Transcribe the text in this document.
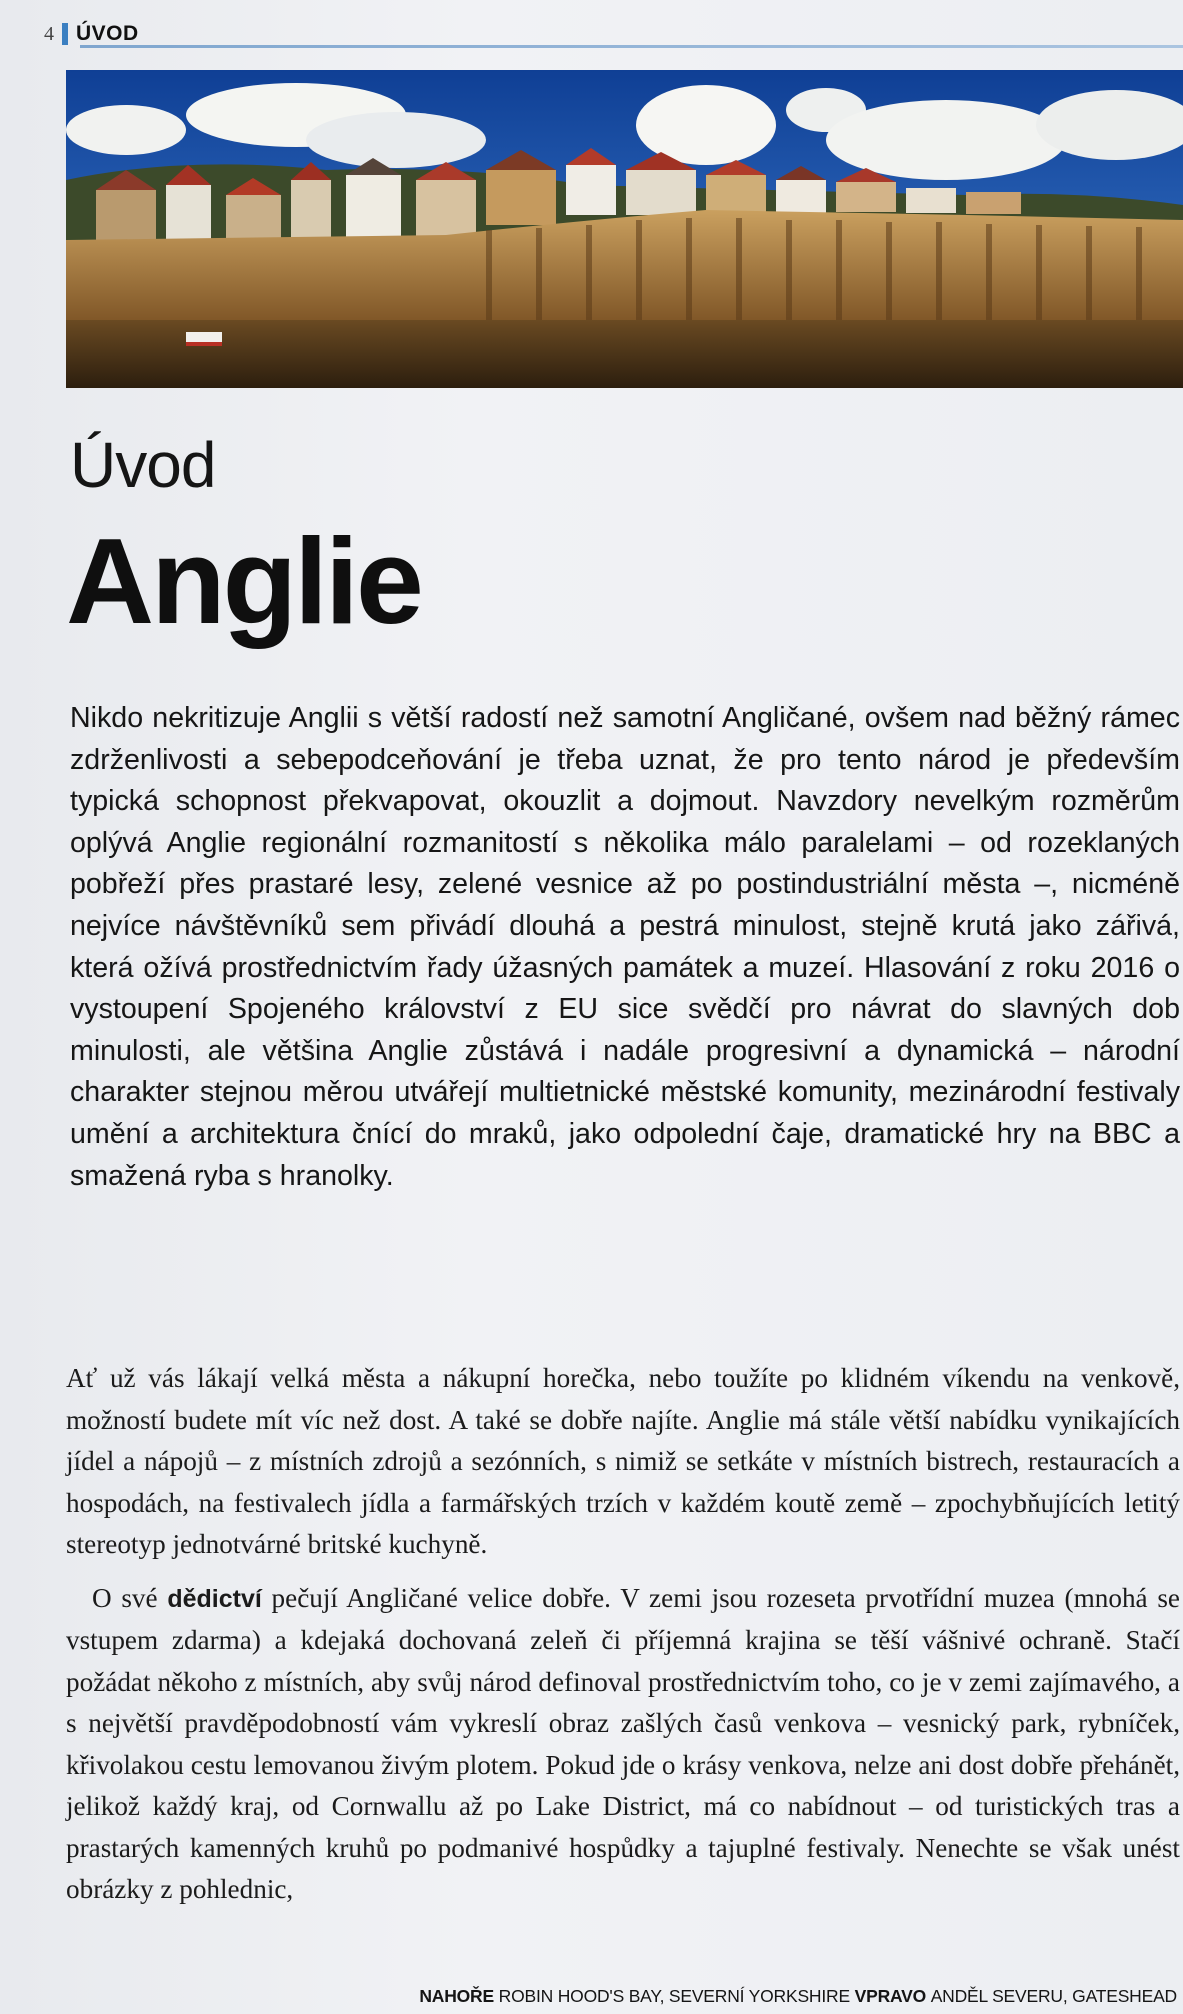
4 ÚVOD
Úvod
Anglie

Nikdo nekritizuje Anglii s větší radostí než samotní Angličané, ovšem nad běžný rámec zdrženlivosti a sebepodceňování je třeba uznat, že pro tento národ je především typická schopnost překvapovat, okouzlit a dojmout. Navzdory nevelkým rozměrům oplývá Anglie regionální rozmanitostí s několika málo paralelami – od rozeklaných pobřeží přes prastaré lesy, zelené vesnice až po postindustriální města –, nicméně nejvíce návštěvníků sem přivádí dlouhá a pestrá minulost, stejně krutá jako zářivá, která ožívá prostřednictvím řady úžasných památek a muzeí. Hlasování z roku 2016 o vystoupení Spojeného království z EU sice svědčí pro návrat do slavných dob minulosti, ale většina Anglie zůstává i nadále progresivní a dynamická – národní charakter stejnou měrou utvářejí multietnické městské komunity, mezinárodní festivaly umění a architektura čnící do mraků, jako odpolední čaje, dramatické hry na BBC a smažená ryba s hranolky.

Ať už vás lákají velká města a nákupní horečka, nebo toužíte po klidném víkendu na venkově, možností budete mít víc než dost. A také se dobře najíte. Anglie má stále větší nabídku vynikajících jídel a nápojů – z místních zdrojů a sezónních, s nimiž se setkáte v místních bistrech, restauracích a hospodách, na festivalech jídla a farmářských trzích v každém koutě země – zpochybňujících letitý stereotyp jednotvárné britské kuchyně.

O své dědictví pečují Angličané velice dobře. V zemi jsou rozeseta prvotřídní muzea (mnohá se vstupem zdarma) a kdejaká dochovaná zeleň či příjemná krajina se těší vášnivé ochraně. Stačí požádat někoho z místních, aby svůj národ definoval prostřednictvím toho, co je v zemi zajímavého, a s největší pravděpodobností vám vykreslí obraz zašlých časů venkova – vesnický park, rybníček, křivolakou cestu lemovanou živým plotem. Pokud jde o krásy venkova, nelze ani dost dobře přehánět, jelikož každý kraj, od Cornwallu až po Lake District, má co nabídnout – od turistických tras a prastarých kamenných kruhů po podmanivé hospůdky a tajuplné festivaly. Nenechte se však unést obrázky z pohlednic,

NAHOŘE ROBIN HOOD'S BAY, SEVERNÍ YORKSHIRE VPRAVO ANDĚL SEVERU, GATESHEAD
